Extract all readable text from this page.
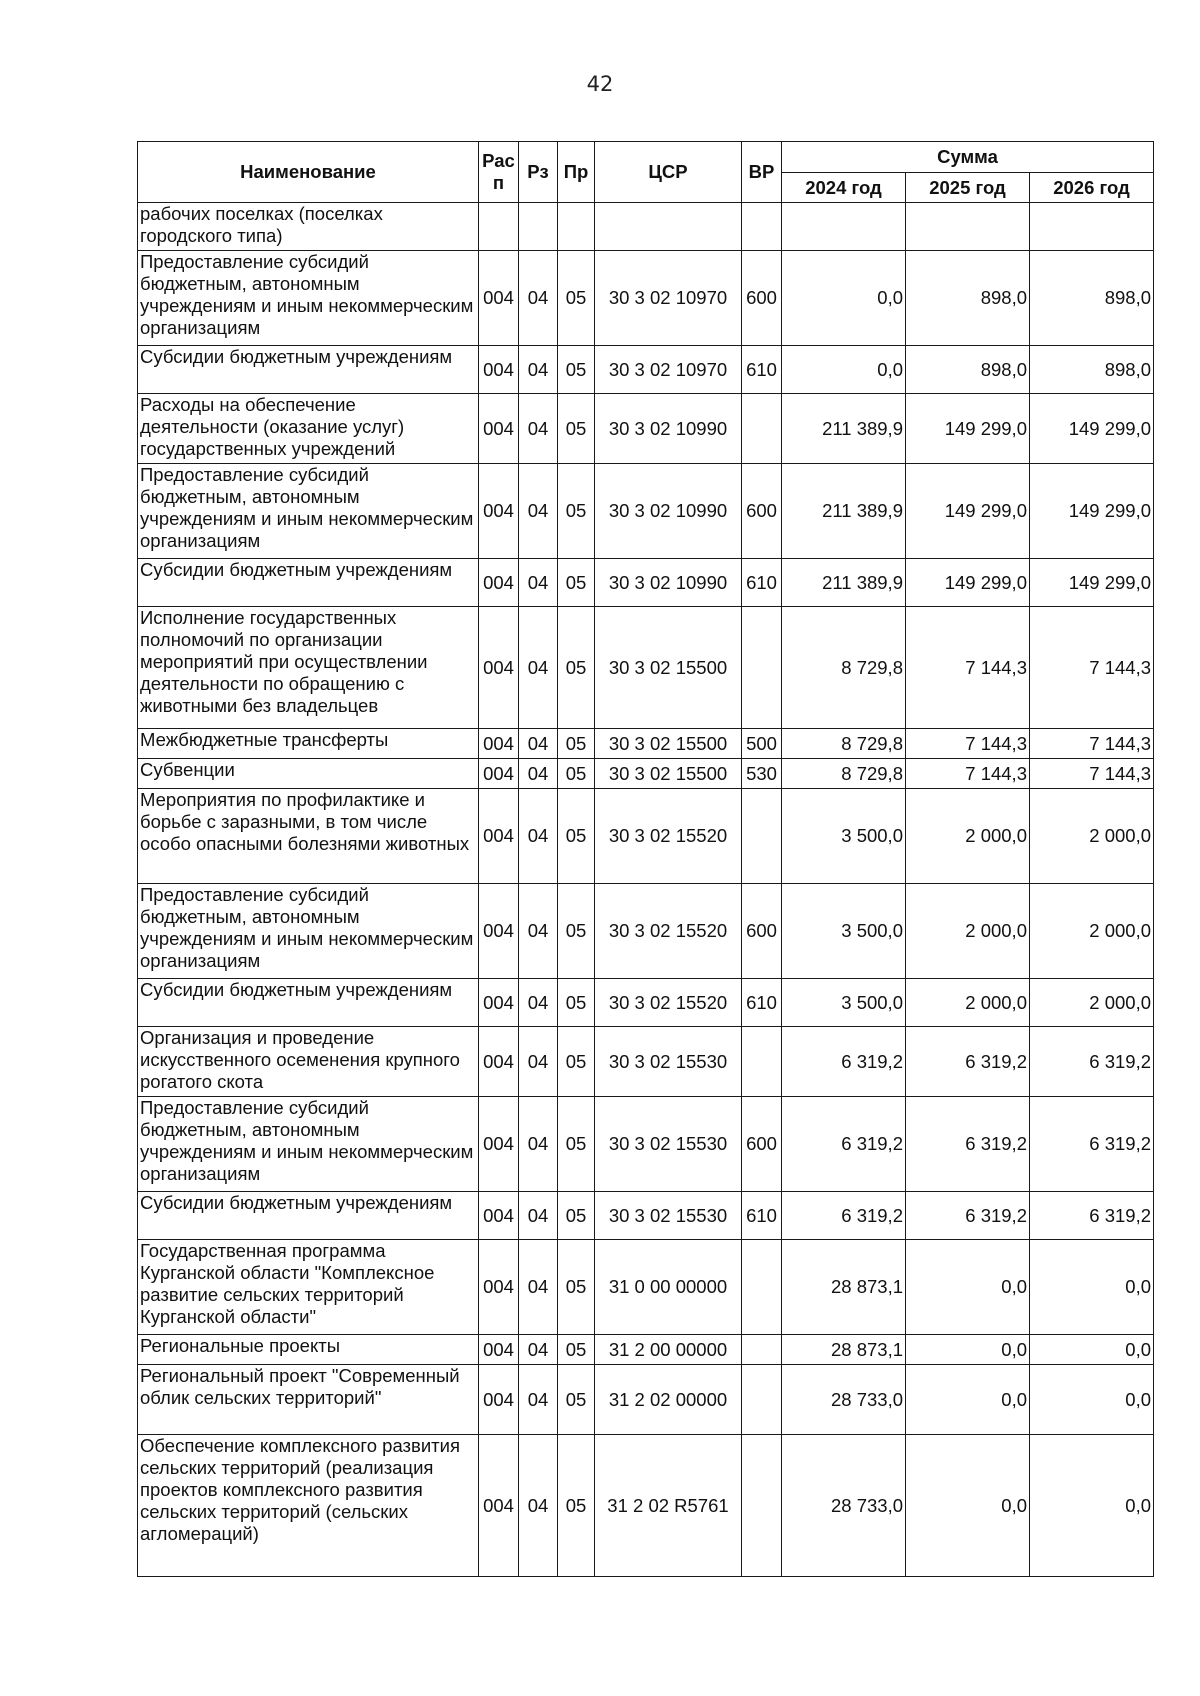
42
Наименование	Рас п	Рз	Пр	ЦСР	ВР	Сумма		
						2024 год	2025 год	2026 год
рабочих поселках (поселках городского типа)								
Предоставление субсидий бюджетным, автономным учреждениям и иным некоммерческим организациям	004	04	05	30 3 02 10970	600	0,0	898,0	898,0
Субсидии бюджетным учреждениям	004	04	05	30 3 02 10970	610	0,0	898,0	898,0
Расходы на обеспечение деятельности (оказание услуг) государственных учреждений	004	04	05	30 3 02 10990		211 389,9	149 299,0	149 299,0
Предоставление субсидий бюджетным, автономным учреждениям и иным некоммерческим организациям	004	04	05	30 3 02 10990	600	211 389,9	149 299,0	149 299,0
Субсидии бюджетным учреждениям	004	04	05	30 3 02 10990	610	211 389,9	149 299,0	149 299,0
Исполнение государственных полномочий по организации мероприятий при осуществлении деятельности по обращению с животными без владельцев	004	04	05	30 3 02 15500		8 729,8	7 144,3	7 144,3
Межбюджетные трансферты	004	04	05	30 3 02 15500	500	8 729,8	7 144,3	7 144,3
Субвенции	004	04	05	30 3 02 15500	530	8 729,8	7 144,3	7 144,3
Мероприятия по профилактике и борьбе с заразными, в том числе особо опасными болезнями животных	004	04	05	30 3 02 15520		3 500,0	2 000,0	2 000,0
Предоставление субсидий бюджетным, автономным учреждениям и иным некоммерческим организациям	004	04	05	30 3 02 15520	600	3 500,0	2 000,0	2 000,0
Субсидии бюджетным учреждениям	004	04	05	30 3 02 15520	610	3 500,0	2 000,0	2 000,0
Организация и проведение искусственного осеменения крупного рогатого скота	004	04	05	30 3 02 15530		6 319,2	6 319,2	6 319,2
Предоставление субсидий бюджетным, автономным учреждениям и иным некоммерческим организациям	004	04	05	30 3 02 15530	600	6 319,2	6 319,2	6 319,2
Субсидии бюджетным учреждениям	004	04	05	30 3 02 15530	610	6 319,2	6 319,2	6 319,2
Государственная программа Курганской области "Комплексное развитие сельских территорий Курганской области"	004	04	05	31 0 00 00000		28 873,1	0,0	0,0
Региональные проекты	004	04	05	31 2 00 00000		28 873,1	0,0	0,0
Региональный проект "Современный облик сельских территорий"	004	04	05	31 2 02 00000		28 733,0	0,0	0,0
Обеспечение комплексного развития сельских территорий (реализация проектов комплексного развития сельских территорий (сельских агломераций)	004	04	05	31 2 02 R5761		28 733,0	0,0	0,0
